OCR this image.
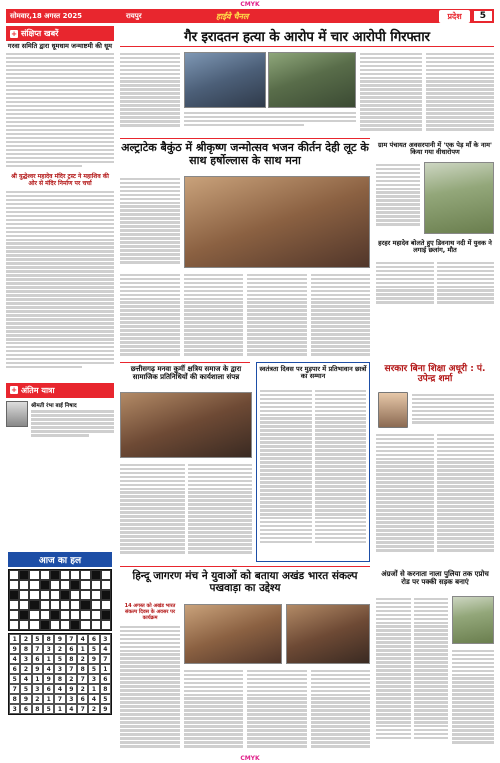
CMYK
सोमवार,18 अगस्त 2025	रायपुर	हाईवे चैनल	प्रदेश	5
+ संक्षिप्त खबरें
गरवा समिति द्वारा धूमधाम जन्माष्टमी की धूम
श्री युद्धेश्वर महादेव मंदिर ट्रस्ट ने महाशिव की ओर से मंदिर निर्माण पर चर्चा
+ अंतिम यात्रा
श्रीमती रंभा बाई निषाद
आज का हल
1	2	5	8	9	7	4	6	3
9	8	7	3	2	6	1	5	4
4	3	6	1	5	8	2	9	7
6	2	9	4	3	7	8	5	1
5	4	1	9	8	2	7	3	6
7	5	3	6	4	9	2	1	8
8	9	2	1	7	3	6	4	5
3	6	8	5	1	4	7	2	9
गैर इरादतन हत्या के आरोप में चार आरोपी गिरफ्तार
अल्ट्राटेक बैकुंठ में श्रीकृष्ण जन्मोत्सव भजन कीर्तन देही लूट के साथ हर्षोल्लास के साथ मना
ग्राम पंचायत अवसरपानी में 'एक पेड़ माँ के नाम' किया गया वीधारोपण
हरहर महादेव बोलते हुए डिवनाथ नदी में युवक ने लगाई छलांग, मौत
छत्तीसगढ़ मनवा कुर्मी क्षत्रिय समाज के द्वारा सामाजिक प्रतिनिधियों की कार्यशाला संपन्न
स्वतंत्रता दिवस पर मुड़पार में प्रतिभावान छात्रों का सम्मान
सरकार बिना शिक्षा अधूरी : पं. उपेन्द्र शर्मा
हिन्दू जागरण मंच ने युवाओं को बताया अखंड भारत संकल्प पखवाड़ा का उद्देश्य
14 अगस्त को अखंड भारत संकल्प दिवस के अवसर पर कार्यक्रम
अंग्रजों से करनाता नाला पुलिया तक एप्रोच रोड पर पक्की सड़क बनाएं
CMYK
